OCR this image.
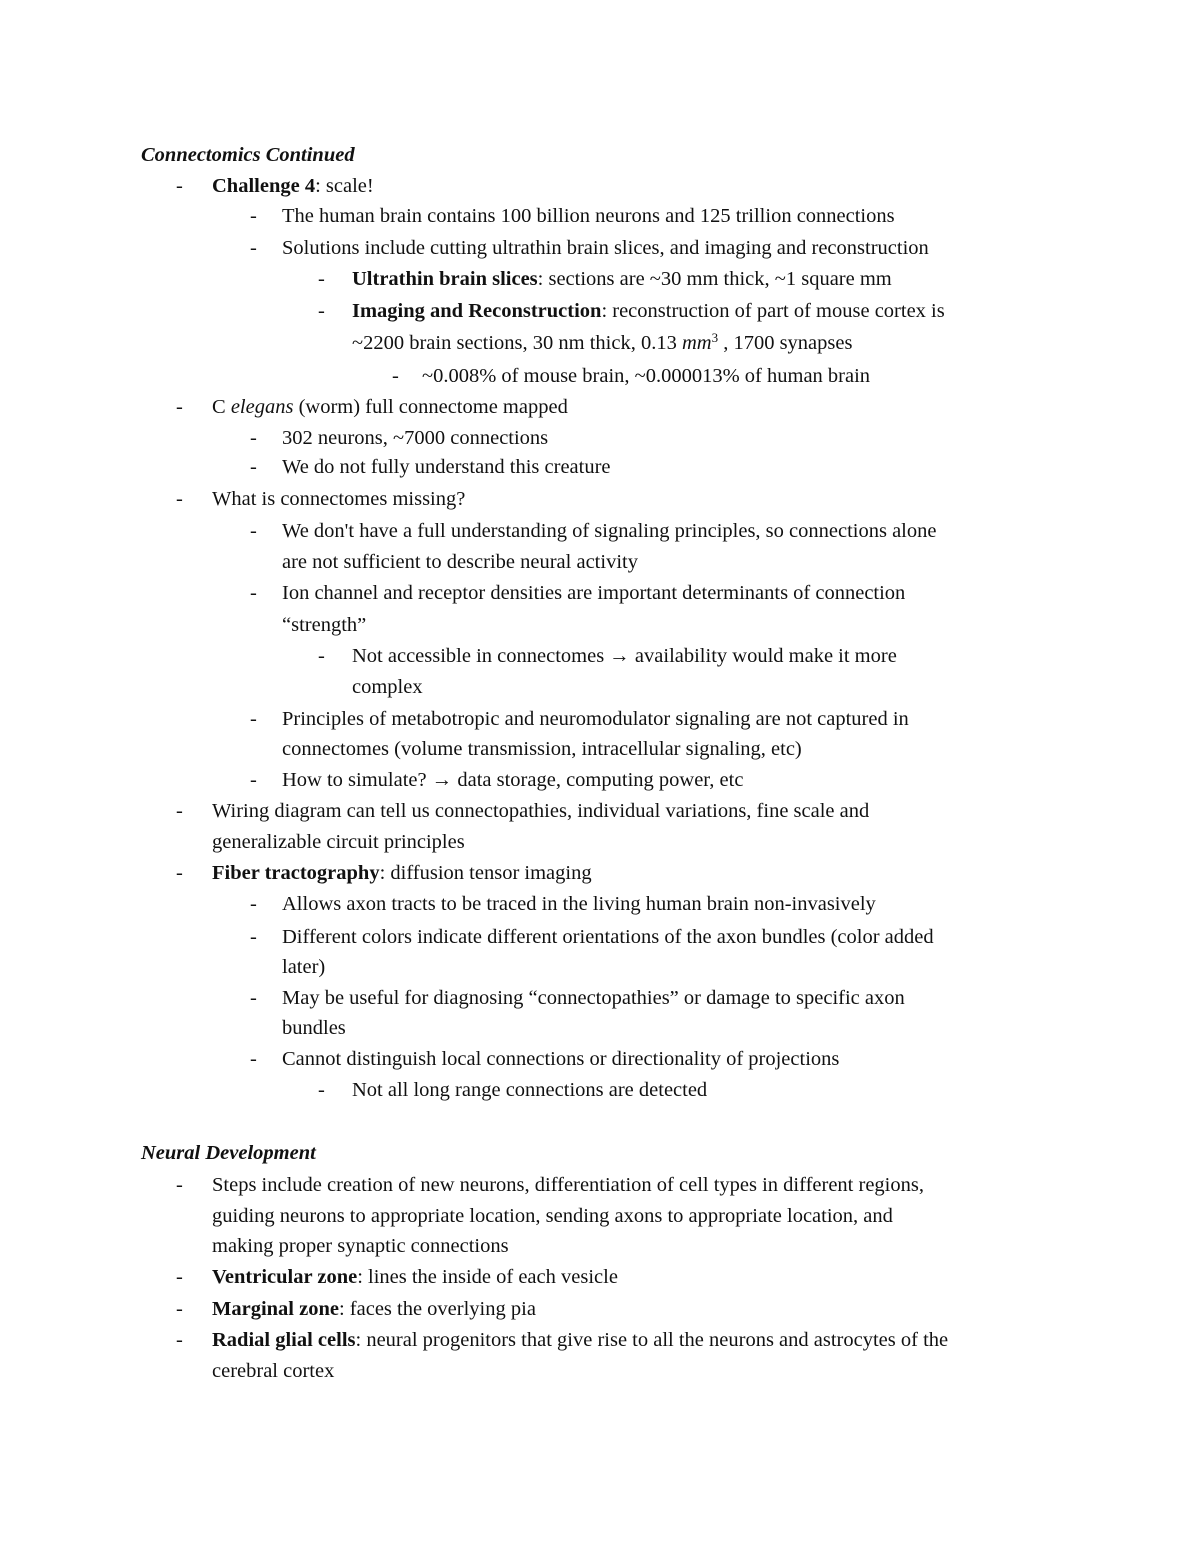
Connectomics Continued
- Challenge 4: scale!
- The human brain contains 100 billion neurons and 125 trillion connections
- Solutions include cutting ultrathin brain slices, and imaging and reconstruction
- Ultrathin brain slices: sections are ~30 mm thick, ~1 square mm
- Imaging and Reconstruction: reconstruction of part of mouse cortex is
~2200 brain sections, 30 nm thick, 0.13 $mm^3$ , 1700 synapses
- ~0.008% of mouse brain, ~0.000013% of human brain
- C elegans (worm) full connectome mapped
- 302 neurons, ~7000 connections
- We do not fully understand this creature
- What is connectomes missing?
- We don't have a full understanding of signaling principles, so connections alone
are not sufficient to describe neural activity
- Ion channel and receptor densities are important determinants of connection
“strength”
- Not accessible in connectomes → availability would make it more
complex
- Principles of metabotropic and neuromodulator signaling are not captured in
connectomes (volume transmission, intracellular signaling, etc)
- How to simulate? → data storage, computing power, etc
- Wiring diagram can tell us connectopathies, individual variations, fine scale and
generalizable circuit principles
- Fiber tractography: diffusion tensor imaging
- Allows axon tracts to be traced in the living human brain non-invasively
- Different colors indicate different orientations of the axon bundles (color added
later)
- May be useful for diagnosing “connectopathies” or damage to specific axon
bundles
- Cannot distinguish local connections or directionality of projections
- Not all long range connections are detected
Neural Development
- Steps include creation of new neurons, differentiation of cell types in different regions,
guiding neurons to appropriate location, sending axons to appropriate location, and
making proper synaptic connections
- Ventricular zone: lines the inside of each vesicle
- Marginal zone: faces the overlying pia
- Radial glial cells: neural progenitors that give rise to all the neurons and astrocytes of the
cerebral cortex
